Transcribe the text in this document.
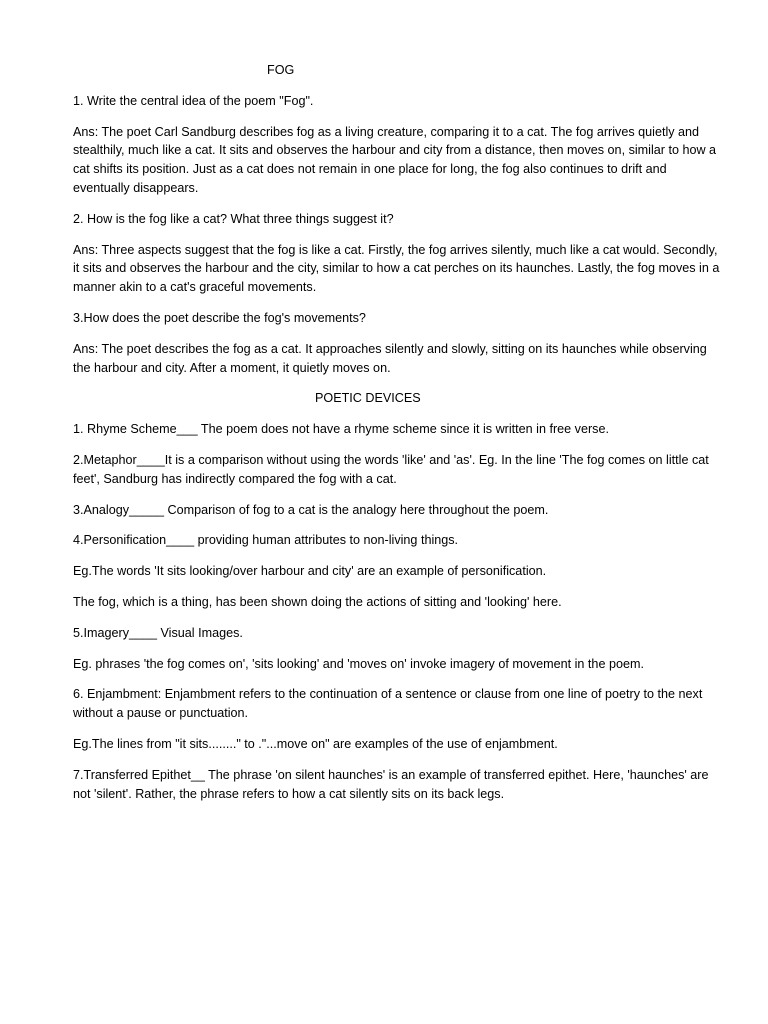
FOG

1. Write the central idea of the poem "Fog".

Ans: The poet Carl Sandburg describes fog as a living creature, comparing it to a cat. The fog arrives quietly and stealthily, much like a cat. It sits and observes the harbour and city from a distance, then moves on, similar to how a cat shifts its position. Just as a cat does not remain in one place for long, the fog also continues to drift and eventually disappears.

2. How is the fog like a cat? What three things suggest it?

Ans: Three aspects suggest that the fog is like a cat. Firstly, the fog arrives silently, much like a cat would. Secondly, it sits and observes the harbour and the city, similar to how a cat perches on its haunches. Lastly, the fog moves in a manner akin to a cat's graceful movements.

3.How does the poet describe the fog's movements?

Ans: The poet describes the fog as a cat. It approaches silently and slowly, sitting on its haunches while observing the harbour and city. After a moment, it quietly moves on.

POETIC DEVICES

1. Rhyme Scheme___ The poem does not have a rhyme scheme since it is written in free verse.

2.Metaphor____It is a comparison without using the words 'like' and 'as'. Eg. In the line 'The fog comes on little cat feet', Sandburg has indirectly compared the fog with a cat.

3.Analogy_____ Comparison of fog to a cat is the analogy here throughout the poem.

4.Personification____ providing human attributes to non-living things.

Eg.The words 'It sits looking/over harbour and city' are an example of personification.

The fog, which is a thing, has been shown doing the actions of sitting and 'looking' here.

5.Imagery____ Visual Images.

Eg. phrases 'the fog comes on', 'sits looking' and 'moves on' invoke imagery of movement in the poem.

6. Enjambment: Enjambment refers to the continuation of a sentence or clause from one line of poetry to the next without a pause or punctuation.

Eg.The lines from "it sits........" to ."...move on" are examples of the use of enjambment.

7.Transferred Epithet__ The phrase 'on silent haunches' is an example of transferred epithet. Here, 'haunches' are not 'silent'. Rather, the phrase refers to how a cat silently sits on its back legs.
